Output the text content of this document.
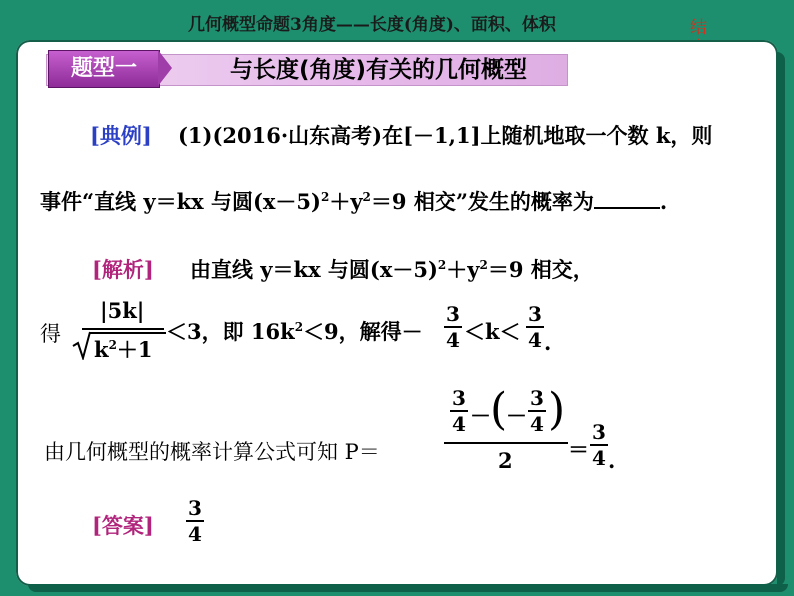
几何概型命题3角度——长度(角度)、面积、体积	结
题型一	与长度(角度)有关的几何概型
[典例] (1)(2016·山东高考)在[－1,1]上随机地取一个数 k，则
事件“直线 y＝kx 与圆$(x-5)^2+y^2=9$ 相交”发生的概率为	.
[解析] 由直线 y＝kx 与圆$(x-5)^2+y^2=9$ 相交，
得
|5k|
$k^2+1$
＜3，即 $16k^2<9$，解得－ $\frac{3}{4} <k< \frac{3}{4}$ .
由几何概型的概率计算公式可知 P＝
$\frac{3}{4}$ － (
－ $\frac{3}{4}$ )
2	＝ $\frac{3}{4}$ .
[答案] $\frac{3}{4}$
